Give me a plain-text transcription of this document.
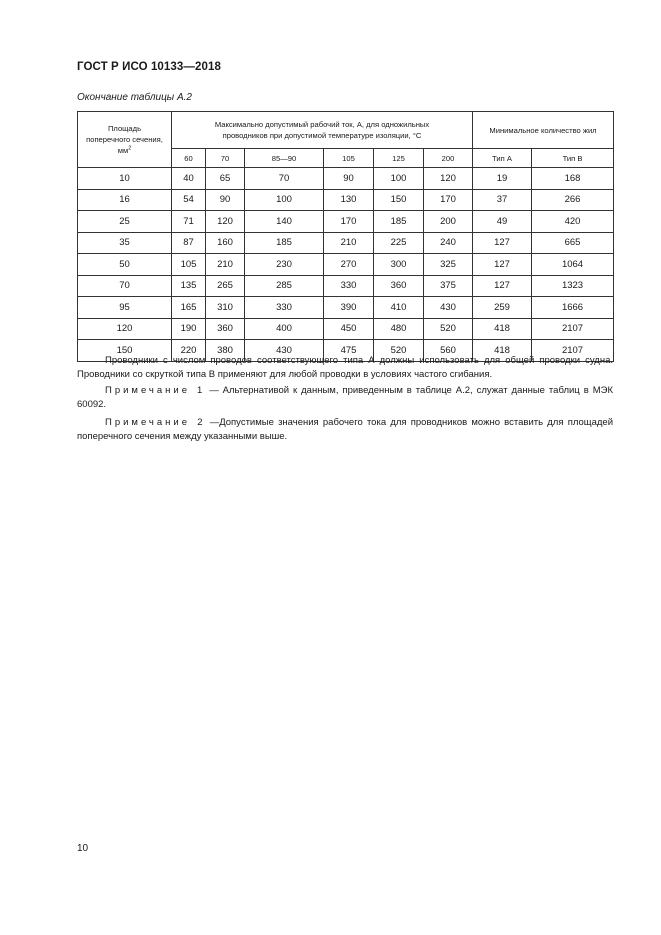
ГОСТ Р ИСО 10133—2018
Окончание таблицы А.2
Площадь поперечного сечения, $мм^2$	Максимально допустимый рабочий ток, А, для одножильных проводников при допустимой температуре изоляции, °С						Минимальное количество жил	
	60	70	85—90	105	125	200	Тип А	Тип В
10	40	65	70	90	100	120	19	168
16	54	90	100	130	150	170	37	266
25	71	120	140	170	185	200	49	420
35	87	160	185	210	225	240	127	665
50	105	210	230	270	300	325	127	1064
70	135	265	285	330	360	375	127	1323
95	165	310	330	390	410	430	259	1666
120	190	360	400	450	480	520	418	2107
150	220	380	430	475	520	560	418	2107
Проводники с числом проводов соответствующего типа А должны использовать для общей проводки судна. Проводники со скруткой типа В применяют для любой проводки в условиях частого сгибания.
Примечание 1 — Альтернативой к данным, приведенным в таблице А.2, служат данные таблиц в МЭК 60092.
Примечание 2 —Допустимые значения рабочего тока для проводников можно вставить для площадей поперечного сечения между указанными выше.
10
